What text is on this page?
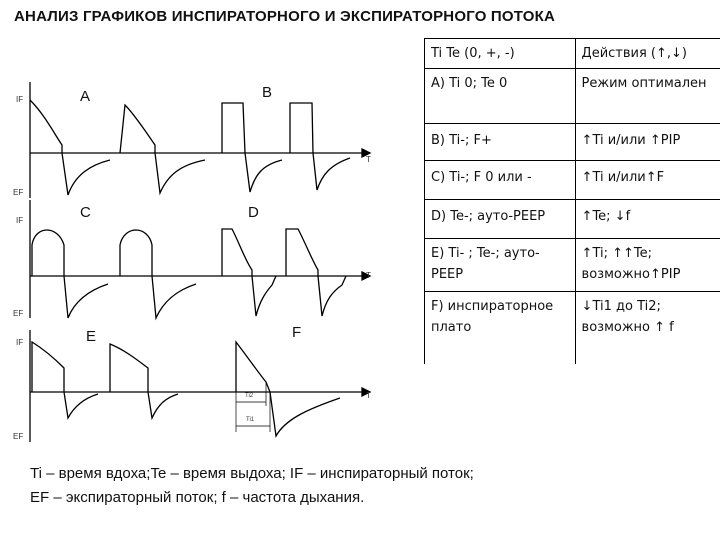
АНАЛИЗ ГРАФИКОВ ИНСПИРАТОРНОГО И ЭКСПИРАТОРНОГО ПОТОКА
A	B
C	D
E	F
IF
EF
T
IF
EF
T
IF
EF
T
Ti2
Ti1
Ti Te (0, +, -)	Действия (↑,↓)
A) Ti 0; Te 0	Режим оптимален
B) Ti-; F+	↑Ti и/или ↑PIP
C) Ti-; F 0 или -	↑Ti и/или↑F
D) Te-; ауто-PEEP	↑Te; ↓f
E) Ti- ; Te-; ауто-PEEP	↑Ti; ↑↑Te; возможно↑PIP
F) инспираторное плато	↓Ti1 до Ti2; возможно ↑ f
Ti – время вдоха;Te – время выдоха; IF – инспираторный поток;
EF – экспираторный поток; f – частота дыхания.
